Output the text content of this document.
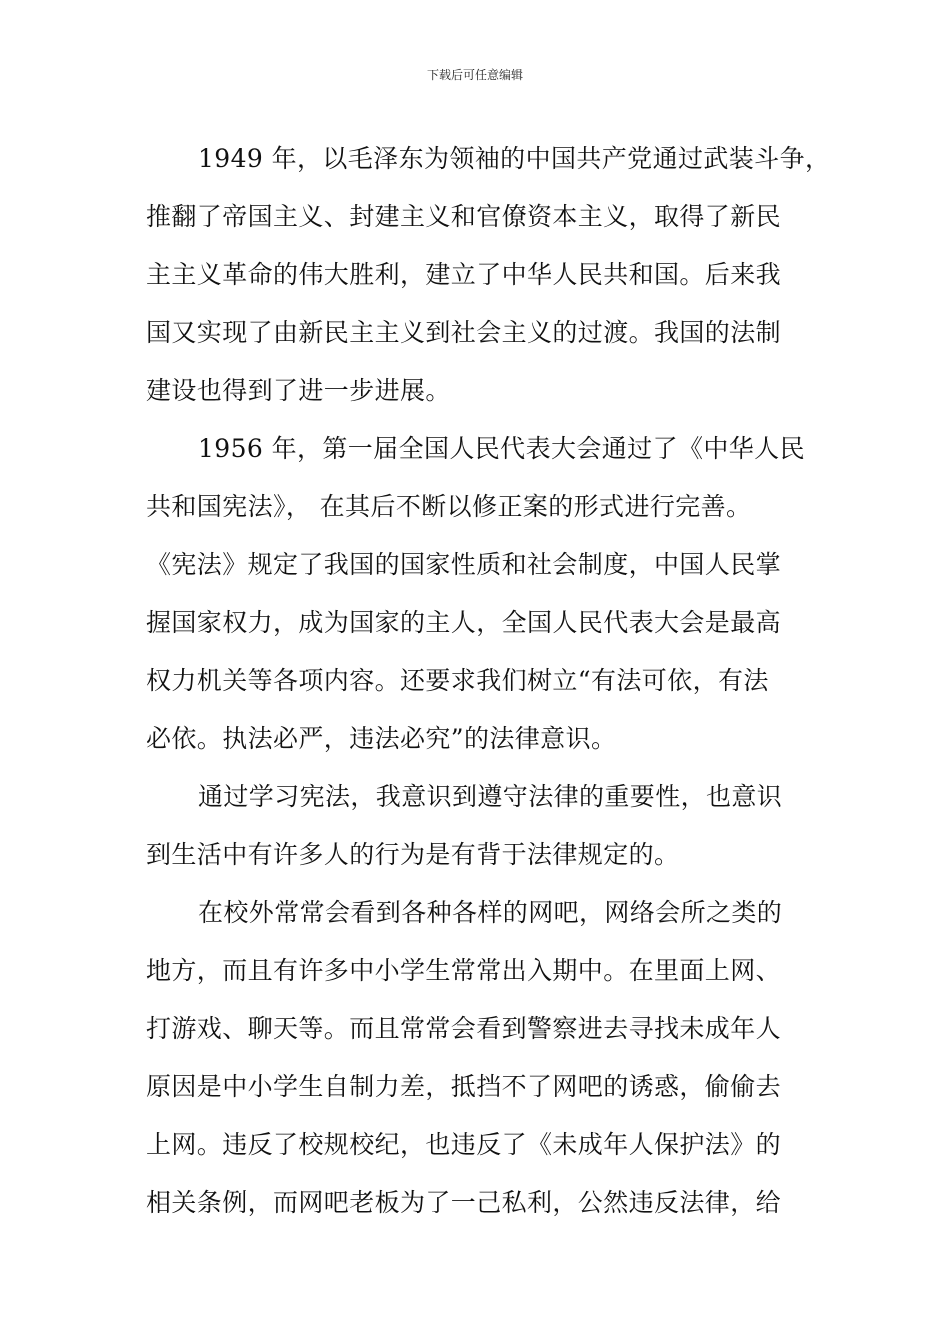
下载后可任意编辑
1949 年，以毛泽东为领袖的中国共产党通过武装斗争，
推翻了帝国主义、封建主义和官僚资本主义，取得了新民
主主义革命的伟大胜利，建立了中华人民共和国。后来我
国又实现了由新民主主义到社会主义的过渡。我国的法制
建设也得到了进一步进展。
1956 年，第一届全国人民代表大会通过了《中华人民
共和国宪法》， 在其后不断以修正案的形式进行完善。
《宪法》规定了我国的国家性质和社会制度，中国人民掌
握国家权力，成为国家的主人，全国人民代表大会是最高
权力机关等各项内容。还要求我们树立“有法可依，有法
必依。执法必严，违法必究”的法律意识。
通过学习宪法，我意识到遵守法律的重要性，也意识
到生活中有许多人的行为是有背于法律规定的。
在校外常常会看到各种各样的网吧，网络会所之类的
地方，而且有许多中小学生常常出入期中。在里面上网、
打游戏、聊天等。而且常常会看到警察进去寻找未成年人
原因是中小学生自制力差，抵挡不了网吧的诱惑，偷偷去
上网。违反了校规校纪，也违反了《未成年人保护法》的
相关条例，而网吧老板为了一己私利，公然违反法律，给
